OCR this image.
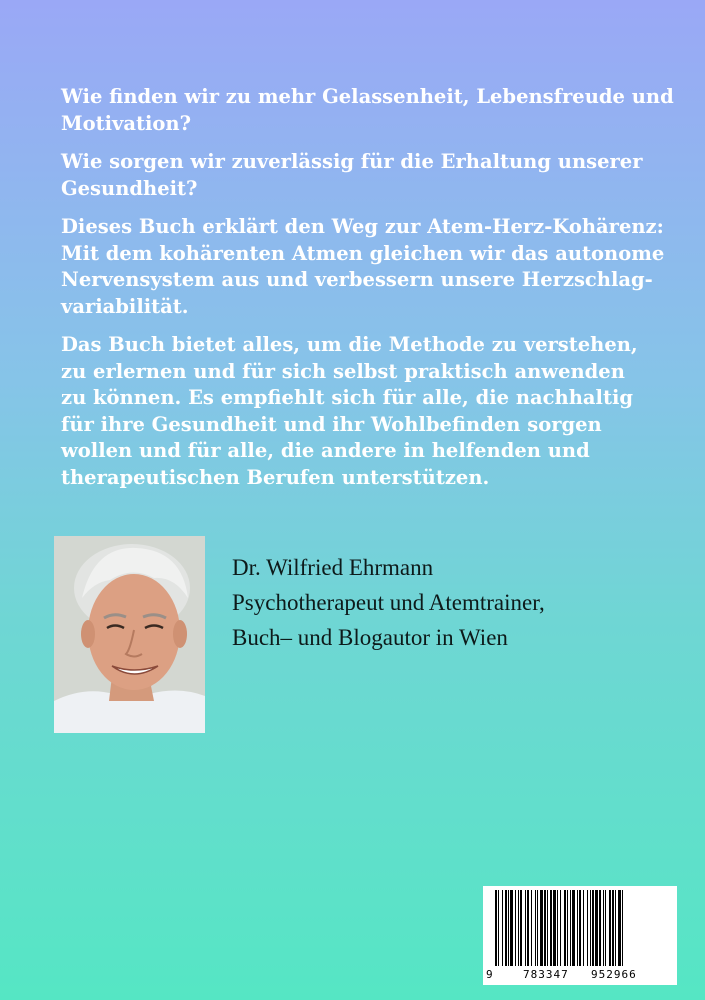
Wie finden wir zu mehr Gelassenheit, Lebensfreude und
Motivation?

Wie sorgen wir zuverlässig für die Erhaltung unserer
Gesundheit?

Dieses Buch erklärt den Weg zur Atem-Herz-Kohärenz:
Mit dem kohärenten Atmen gleichen wir das autonome
Nervensystem aus und verbessern unsere Herzschlag-
variabilität.

Das Buch bietet alles, um die Methode zu verstehen,
zu erlernen und für sich selbst praktisch anwenden
zu können. Es empfiehlt sich für alle, die nachhaltig
für ihre Gesundheit und ihr Wohlbefinden sorgen
wollen und für alle, die andere in helfenden und
therapeutischen Berufen unterstützen.

Dr. Wilfried Ehrmann
Psychotherapeut und Atemtrainer,
Buch– und Blogautor in Wien
9	783347 952966
